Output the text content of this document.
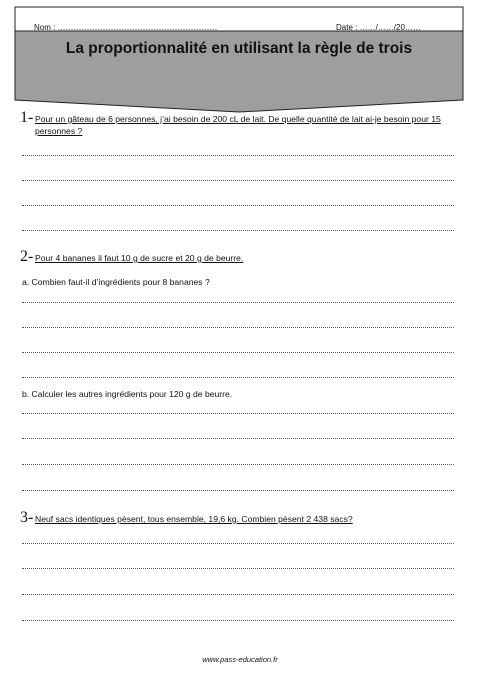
Nom : ……………………………………………………	Date : ……/……/20……
La proportionnalité en utilisant la règle de trois
1- Pour un gâteau de 6 personnes, j’ai besoin de 200 cL de lait. De quelle quantité de lait ai-je besoin pour 15 personnes ?
2- Pour 4 bananes il faut 10 g de sucre et 20 g de beurre.
a. Combien faut-il d’ingrédients pour 8 bananes ?
b. Calculer les autres ingrédients pour 120 g de beurre.
3- Neuf sacs identiques pèsent, tous ensemble, 19,6 kg. Combien pèsent 2 438 sacs?
www.pass-education.fr
